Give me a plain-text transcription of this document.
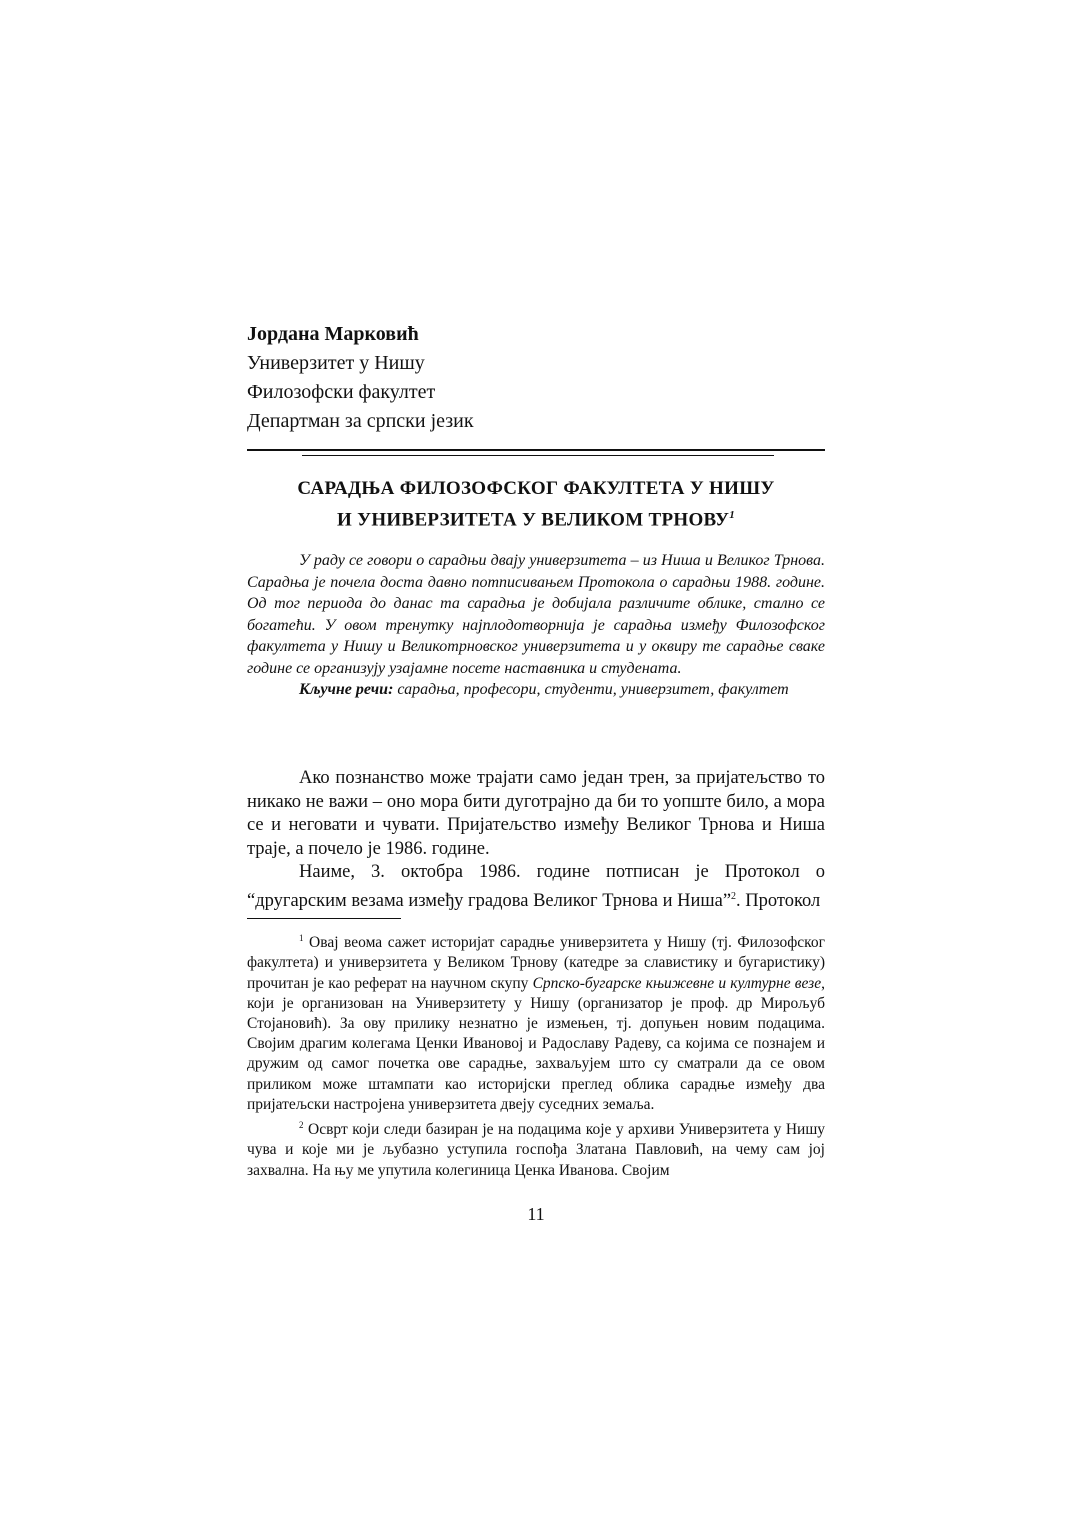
Јордана Марковић
Универзитет у Нишу
Филозофски факултет
Департман за српски језик
САРАДЊА ФИЛОЗОФСКОГ ФАКУЛТЕТА У НИШУ
И УНИВЕРЗИТЕТА У ВЕЛИКОМ ТРНОВУ$^1$

У раду се говори о сарадњи двају универзитета – из Ниша и Великог Трнова. Сарадња је почела доста давно потписивањем Протокола о сарадњи 1988. године. Од тог периода до данас та сарадња је добијала различите облике, стално се богатећи. У овом тренутку најплодотворнија је сарадња између Филозофског факултета у Нишу и Великотрновског универзитета и у оквиру те сарадње сваке године се организују узајамне посете наставника и студената.

Кључне речи: сарадња, професори, студенти, универзитет, факултет

Ако познанство може трајати само један трен, за пријатељство то никако не важи – оно мора бити дуготрајно да би то уопште било, а мора се и неговати и чувати. Пријатељство између Великог Трнова и Ниша траје, а почело је 1986. године.

Наиме, 3. октобра 1986. године потписан је Протокол о “другарским везама између градова Великог Трнова и Ниша”$^2$. Протокол

$^1$ Овај веома сажет историјат сарадње универзитета у Нишу (тј. Филозофског факултета) и универзитета у Великом Трнову (катедре за славистику и бугаристику) прочитан је као реферат на научном скупу Српско-бугарске књижевне и културне везе, који је организован на Универзитету у Нишу (организатор је проф. др Мирољуб Стојановић). За ову прилику незнатно је измењен, тј. допуњен новим подацима. Својим драгим колегама Ценки Ивановој и Радославу Радеву, са којима се познајем и дружим од самог почетка ове сарадње, захваљујем што су сматрали да се овом приликом може штампати као историјски преглед облика сарадње између два пријатељски настројена универзитета двеју суседних земаља.

$^2$ Осврт који следи базиран је на подацима које у архиви Универзитета у Нишу чува и које ми је љубазно уступила госпођа Златана Павловић, на чему сам јој захвална. На њу ме упутила колегиница Ценка Иванова. Својим

11
